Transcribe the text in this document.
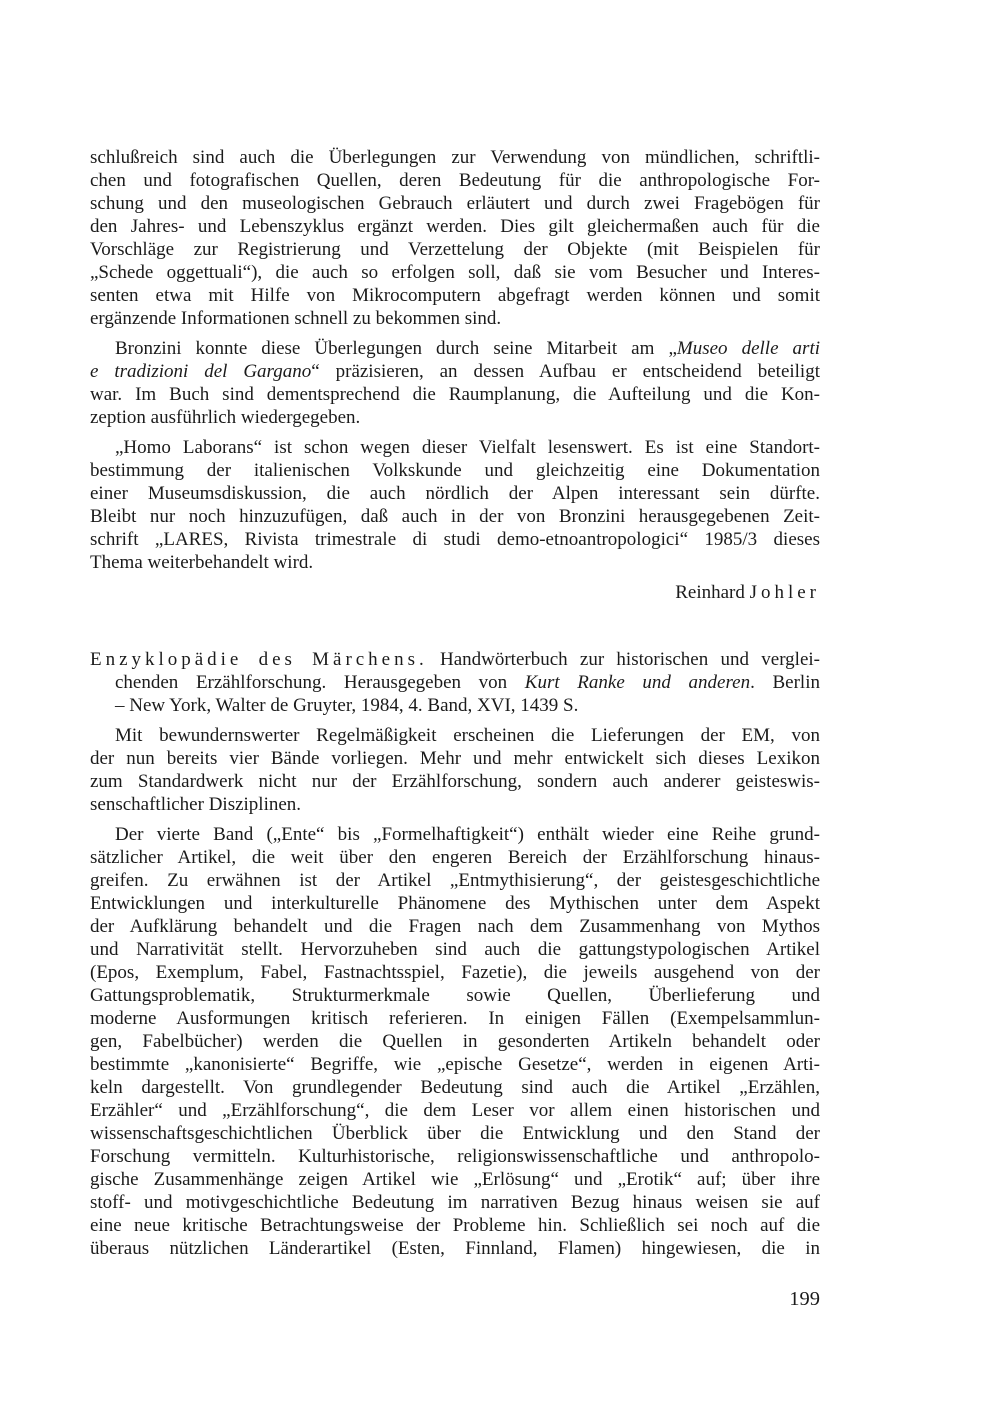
schlußreich sind auch die Überlegungen zur Verwendung von mündlichen, schriftli-
chen und fotografischen Quellen, deren Bedeutung für die anthropologische For-
schung und den museologischen Gebrauch erläutert und durch zwei Fragebögen für
den Jahres- und Lebenszyklus ergänzt werden. Dies gilt gleichermaßen auch für die
Vorschläge zur Registrierung und Verzettelung der Objekte (mit Beispielen für
„Schede oggettuali“), die auch so erfolgen soll, daß sie vom Besucher und Interes-
senten etwa mit Hilfe von Mikrocomputern abgefragt werden können und somit
ergänzende Informationen schnell zu bekommen sind.
Bronzini konnte diese Überlegungen durch seine Mitarbeit am „Museo delle arti
e tradizioni del Gargano“ präzisieren, an dessen Aufbau er entscheidend beteiligt
war. Im Buch sind dementsprechend die Raumplanung, die Aufteilung und die Kon-
zeption ausführlich wiedergegeben.
„Homo Laborans“ ist schon wegen dieser Vielfalt lesenswert. Es ist eine Standort-
bestimmung der italienischen Volkskunde und gleichzeitig eine Dokumentation
einer Museumsdiskussion, die auch nördlich der Alpen interessant sein dürfte.
Bleibt nur noch hinzuzufügen, daß auch in der von Bronzini herausgegebenen Zeit-
schrift „LARES, Rivista trimestrale di studi demo-etnoantropologici“ 1985/3 dieses
Thema weiterbehandelt wird.
Reinhard Johler
Enzyklopädie des Märchens. Handwörterbuch zur historischen und verglei-
chenden Erzählforschung. Herausgegeben von Kurt Ranke und anderen. Berlin
– New York, Walter de Gruyter, 1984, 4. Band, XVI, 1439 S.
Mit bewundernswerter Regelmäßigkeit erscheinen die Lieferungen der EM, von
der nun bereits vier Bände vorliegen. Mehr und mehr entwickelt sich dieses Lexikon
zum Standardwerk nicht nur der Erzählforschung, sondern auch anderer geisteswis-
senschaftlicher Disziplinen.
Der vierte Band („Ente“ bis „Formelhaftigkeit“) enthält wieder eine Reihe grund-
sätzlicher Artikel, die weit über den engeren Bereich der Erzählforschung hinaus-
greifen. Zu erwähnen ist der Artikel „Entmythisierung“, der geistesgeschichtliche
Entwicklungen und interkulturelle Phänomene des Mythischen unter dem Aspekt
der Aufklärung behandelt und die Fragen nach dem Zusammenhang von Mythos
und Narrativität stellt. Hervorzuheben sind auch die gattungstypologischen Artikel
(Epos, Exemplum, Fabel, Fastnachtsspiel, Fazetie), die jeweils ausgehend von der
Gattungsproblematik, Strukturmerkmale sowie Quellen, Überlieferung und
moderne Ausformungen kritisch referieren. In einigen Fällen (Exempelsammlun-
gen, Fabelbücher) werden die Quellen in gesonderten Artikeln behandelt oder
bestimmte „kanonisierte“ Begriffe, wie „epische Gesetze“, werden in eigenen Arti-
keln dargestellt. Von grundlegender Bedeutung sind auch die Artikel „Erzählen,
Erzähler“ und „Erzählforschung“, die dem Leser vor allem einen historischen und
wissenschaftsgeschichtlichen Überblick über die Entwicklung und den Stand der
Forschung vermitteln. Kulturhistorische, religionswissenschaftliche und anthropolo-
gische Zusammenhänge zeigen Artikel wie „Erlösung“ und „Erotik“ auf; über ihre
stoff- und motivgeschichtliche Bedeutung im narrativen Bezug hinaus weisen sie auf
eine neue kritische Betrachtungsweise der Probleme hin. Schließlich sei noch auf die
überaus nützlichen Länderartikel (Esten, Finnland, Flamen) hingewiesen, die in
199
